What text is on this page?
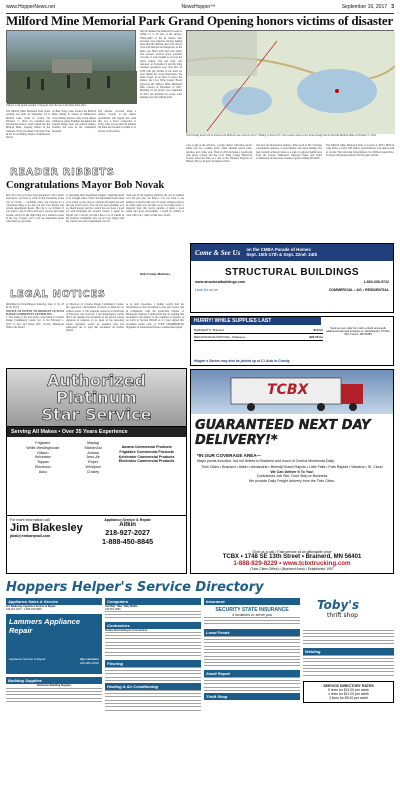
www.HopperNews.net	NewsHopper™	September 16, 2017 3
Milford Mine Memorial Park Grand Opening honors victims of disaster
Visitors to the grand opening of the park view the site of the main mine shaft.
The Milford Mine Memorial Park grand opening was held on September 14 at Milford Lake, north of Crosby. On February 5, 1924, two hundred feet beneath the surface, water rushed into the Milford Mine, trapping miners in the darkness. Forty-one miners lost their lives in the worst mining disaster in Minnesota history.
on Bear Foley Lake flooded the Milford Mine, killing 41 miners in Minnesota's worst mining disaster. Only seven miners climbed to safety. Families throughout the Cuyuna Range were left without fathers, brothers and sons as the community mourned.
The disaster occurred when a surface cave-in at the mine's easternmost end tapped into mud that was a direct connection to Foley Lake. In less than 20 minutes the mine had flooded to within 15 to 20 feet of the surface.
than 20 minutes the minestaft flooded to within 15 to 20 feet of the surface. Thirty-eight of the 41 miners who drowned were married, leaving behind more than 80 children. Recovery efforts were both delicate and dangerous, as the mine was filled with mud and debris and workers worried about potential cave-ins. It took months to recover the men's bodies. The last body was removed on November 9 and the mine resumed operations soon after that. In 1932 with the decline of the need for steel during the Great Depression, the mine closed. In an effort to honor the miners, the Crow Wing County Board approved the Milford Mine Memorial Park concept in December of 2007. Planning for the project was completed in 2010 and included an access road, parking area and walking trails.
This floating kiosk will be anchored in Milford Lake, directly above "Mining Contract #13," the location where water broke though and flooded the Milford Mine on February 5, 1924.
were a sign at the entrance, a picnic shelter with three picnic tables and two cooking grills, small lakeside gravel pads, benches, and a bike rack. Work in 2016 included a boardwalk trail, kiosk concept and the Crow Wing County Historical Society listed the Park as a site on the National Register of Historic Places. Projects included in 2012.
struction and interpretive displays. Final work in 2017 includes a permanent outhouse, covered shelter, and canoe landing. The park recently achieved status as a park of regional significance from the Greater Minnesota Regional Parks and Trails Commission and has been awarded a grant totaling $319,000.
The Milford Mine Memorial Park is located at 26351 Milford Lake Drive, Crosby, MN 56441, approximately four miles north of Crosby. The following State highway 6 to Milford Lake Drive. For more information please visit the park website.
READER RIBBETS
Congratulations Mayor Bob Novak
Bob, Now that you have been appointed to the council and mayor, you have to work for the betterment of the city of Crosby — including sides, just because it's a convenient thing to do and you and your friends will certain departments heads. The city is too divided. If you want to stay in office and win a election next time around, always do the right thing. As a business owner in my city, I expect you to call out department heads when there is a problem.
or managing their department budgets. Spending needs to be brought under control and department heads need to be called on the carpet to explain discrepancies with the past several years. The city has been spending way too much money and the council has not done a good job with managing the people's money. I speak for myself, but I can tell you that I have a lot of friends in the business community who are not very happy with the council, the police department, the city
clerk and all the negative publicity the city is endured over the past year. As Mayor, I do not want to see business as usual in the city of Crosby. Changes need to be made right now because we're not being heard. I sincerely hope that you're capable of being a good leader and good stewardship. I would be willing to work with you. I wish you the best of luck.
Deb Crosby Mattress
LEGAL NOTICES
(Published in NewsHopper Saturday, Sept. 9, 16, 23 & 30, 2017)
NOTICE OF INTENT TO DISSOLVE CUYUNA RANGE COMMUNITY CENTER, INC.
1. The name of the non-profit corporation is Cuyuna Range Community Center, Inc. 2. On February 1, 2017 at 222 2nd Street NW, Crosby, Minnesota 56441, the Board
of Directors of Cuyuna Range Community Center, Inc. approved a Resolution of Intent to Dissolve by written action. 3. The requisite approval of the Board of Directors was received. I, the undersigned, certify that I am signing this document as the person whose signature is required, or as agent of the person(s) whose signature would be required who has authorized me to sign this document on his/her behalf.
or in both capacities. I further certify that the information in this document is true and correct and in compliance with the applicable chapter of Minnesota Statutes. I understand that by signing this document I am subject to the penalties of perjury as set forth in Section 609.48 as if I had signed this document under oath. /s/ TONI CHAMBERLIN Signature of Authorized Person or Authorized Agent
Come & See Us on the CMBA Parade of Homes
Sept. 15th-17th & Sept. 22nd- 24th
STRUCTURAL BUILDINGS
www.structuralbuildings.com	1-800-335-9722
Look for us on	COMMERCIAL • AG • RESIDENTIAL
HURRY! WHILE SUPPLIES LAST
BARGERT'S, Brainerd	$10 for
RENAISSANCE FESTIVAL, Shakopee	$23.95 for
Send us your order form with a check and a self-addressed stamped envelope to: NewsHopper, PO Box 562, Ironton, MN 56455
Hopper's Savers may also be picked up at C-I Auto in Crosby
Authorized
Platinum
Star Service
Serving All Makes • Over 35 Years Experience
Frigidaire
White-Westinghouse
Gibson
Kelvinator
Tappan
Electrolux
Asko
Maytag
KitchenAid
Amana
Jenn-Air
Roper
Whirlpool
Crosley
Amana Commercial Products
Frigidaire Commercial Products
Kelvinator Commercial Products
Electrolux Commercial Products
For more information call
Jim Blakesley
jblak@embarqmail.com
Appliance Service & Repair
Aitkin
218-927-2027
1-888-450-8845
TCBX
GUARANTEED NEXT DAY DELIVERY!*
*IN OUR COVERAGE AREA—
Major points included, but not limited to Brainerd and much of Central Minnesota Daily:
Twin Cities • Brainerd • Aitkin • Alexandria • Bemidji Grand Rapids • Little Falls • Park Rapids • Wadena • St. Cloud
We Can Deliver It To You!
Contractors Job Site, Door Step or Business
We provide Daily Freight delivery from the Twin Cities.
Give us a call • Fast service at an affordable price
TCBX • 1748 SE 13th Street • Brainerd, MN 56401
1-888-829-8229 • www.tcbxtrucking.com
(Twin Cities Office) • (Brainerd Area) • Established 1997
Hoppers Helper's Service Directory
Appliance Sales & Service
Jim Blakesley Appliance Service & Repair
218-927-2027 • 1-888-450-8845
Lammers Appliance Repair
Appliance Service & Repair	Jay Lammers
218-963-4439
Building Supplies
Hometown Building Supplies
Computers
Call Billy "Mac" Billy Maffia
218-851-9990
Contractors
Rodine Remodeling & Construction
Flooring
Heating & Air Conditioning
Insurance
SECURITY STATE INSURANCE
4 locations to serve you
Local Foods
Small Repair
Thrift Shop
Toby's
thrift shop
Welding
SERVICE DIRECTORY RATES
5 lines for $15.00 per week
4 lines for $12.00 per week
3 lines for $9.00 per week
